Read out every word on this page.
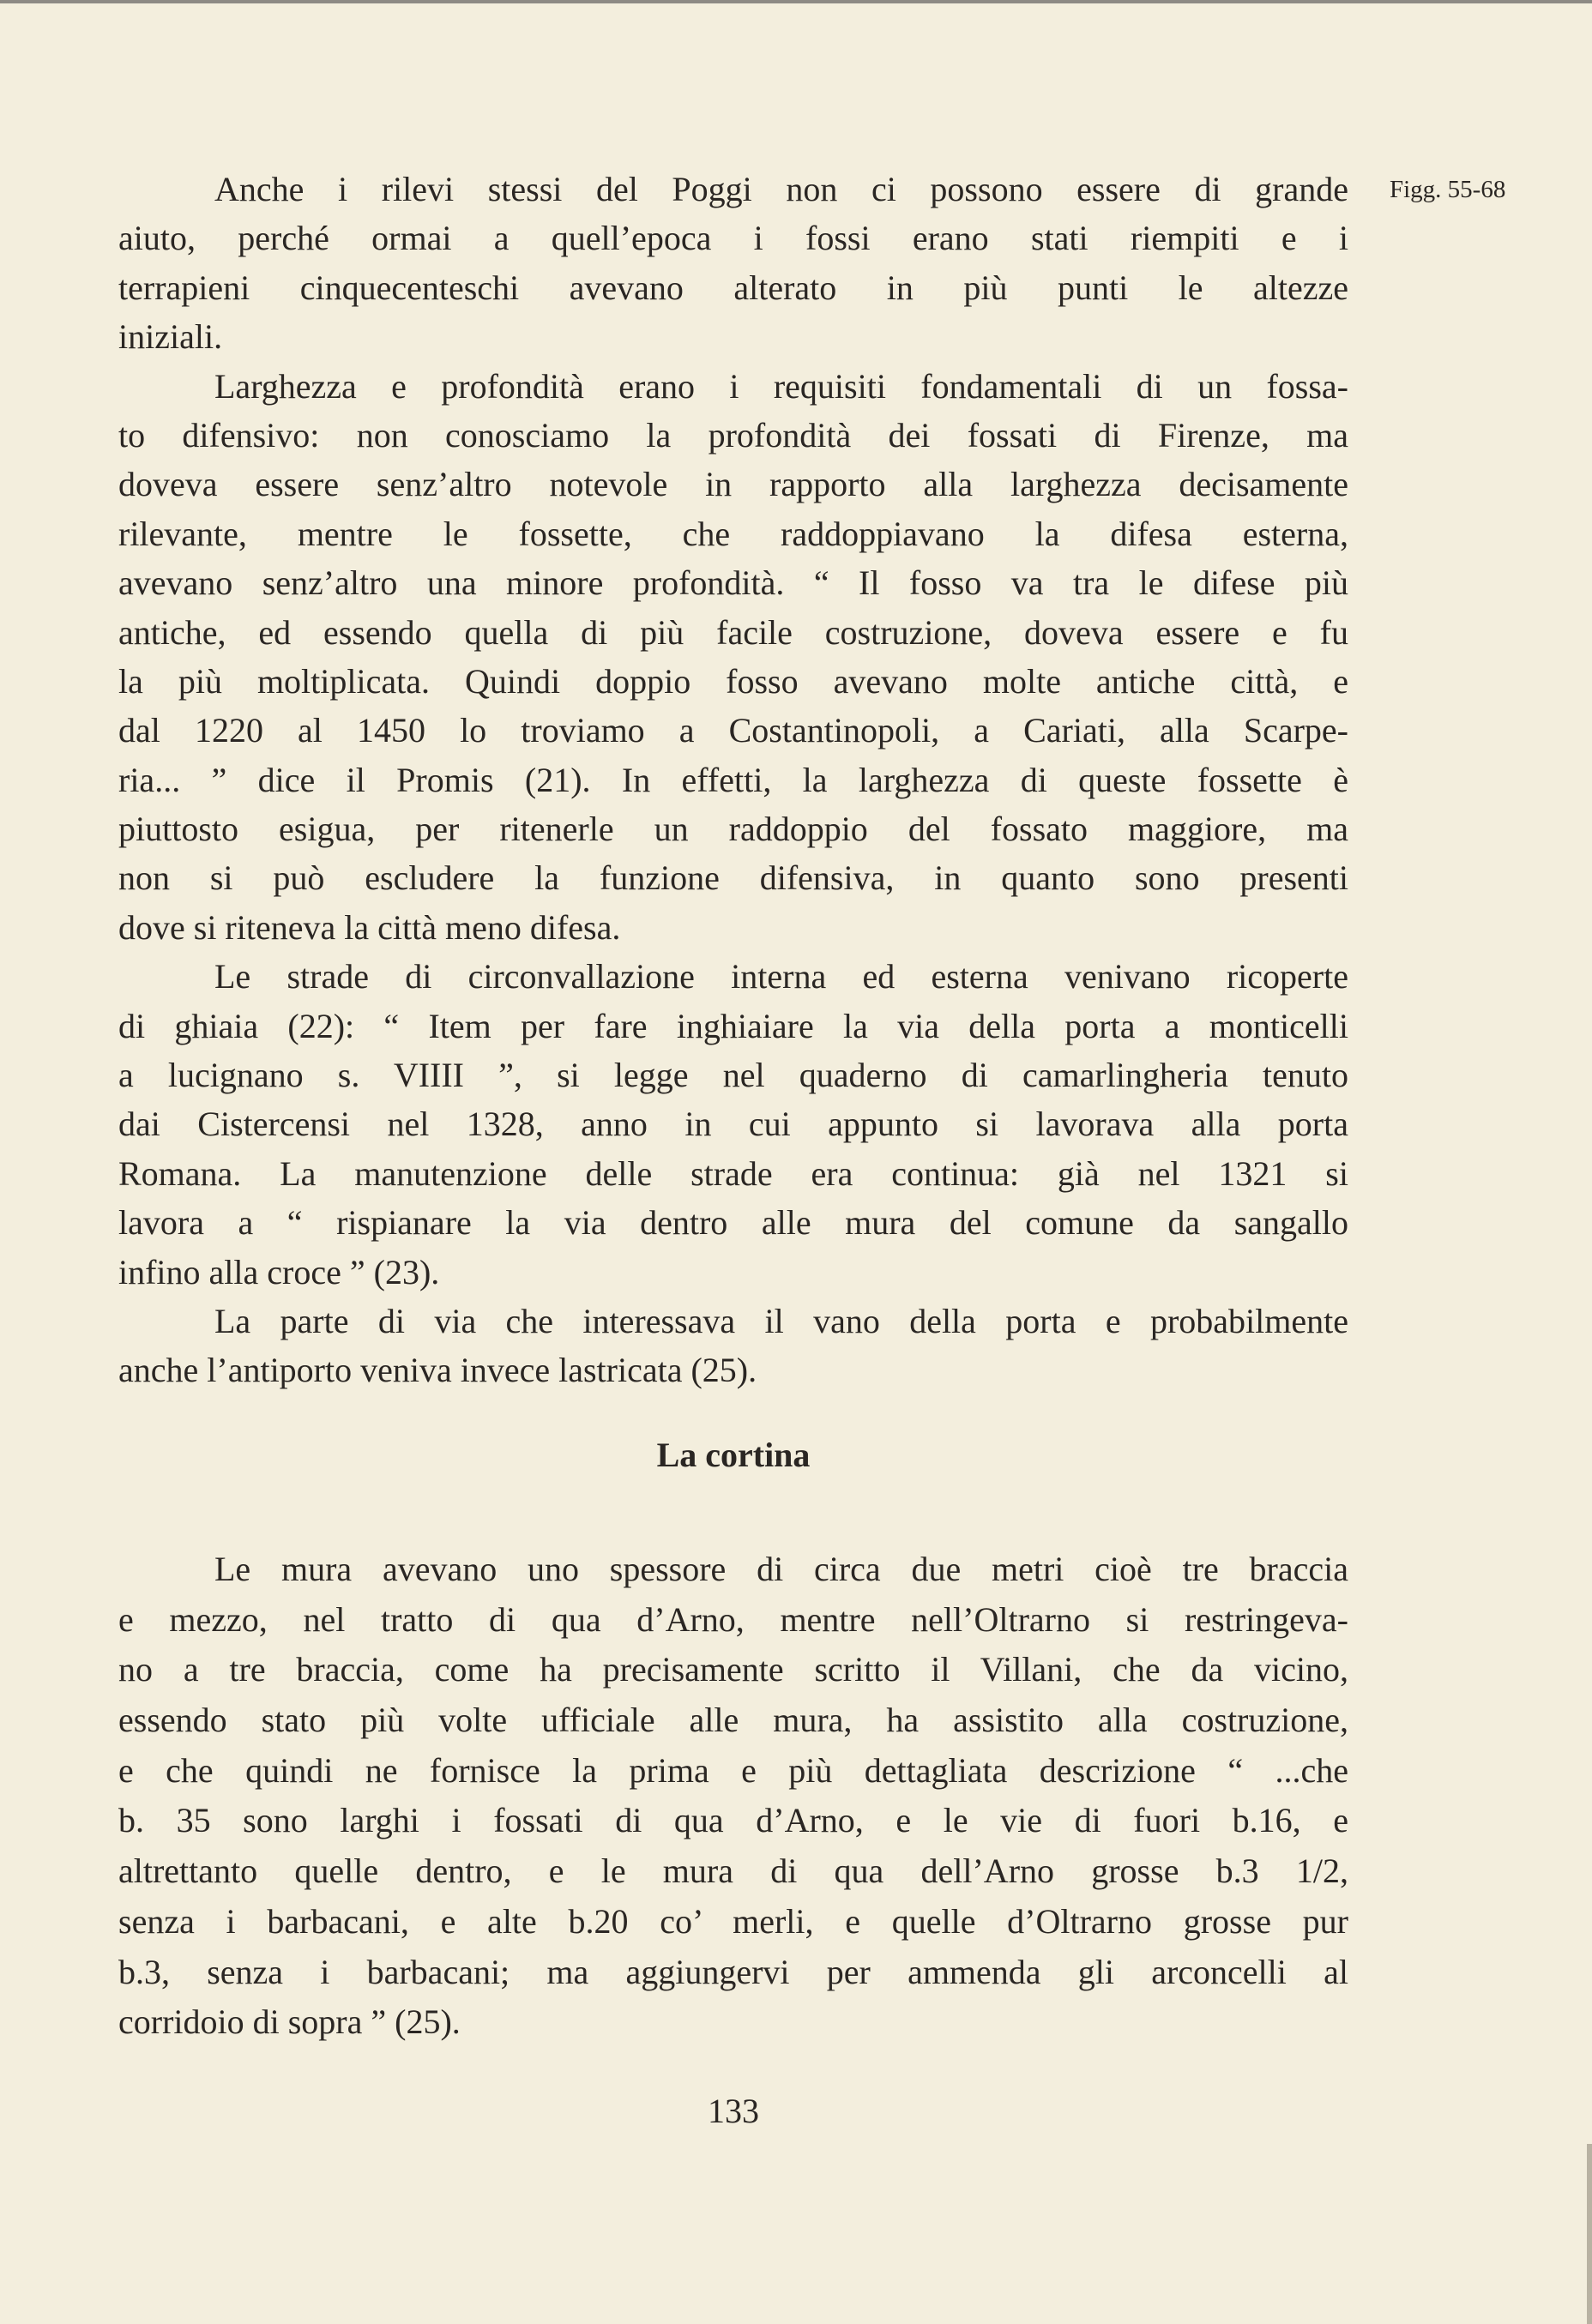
Figg. 55-68
Anche i rilevi stessi del Poggi non ci possono essere di grande
aiuto, perché ormai a quell’epoca i fossi erano stati riempiti e i
terrapieni cinquecenteschi avevano alterato in più punti le altezze
iniziali.
Larghezza e profondità erano i requisiti fondamentali di un fossa-
to difensivo: non conosciamo la profondità dei fossati di Firenze, ma
doveva essere senz’altro notevole in rapporto alla larghezza decisamente
rilevante, mentre le fossette, che raddoppiavano la difesa esterna,
avevano senz’altro una minore profondità. “ Il fosso va tra le difese più
antiche, ed essendo quella di più facile costruzione, doveva essere e fu
la più moltiplicata. Quindi doppio fosso avevano molte antiche città, e
dal 1220 al 1450 lo troviamo a Costantinopoli, a Cariati, alla Scarpe-
ria... ” dice il Promis (21). In effetti, la larghezza di queste fossette è
piuttosto esigua, per ritenerle un raddoppio del fossato maggiore, ma
non si può escludere la funzione difensiva, in quanto sono presenti
dove si riteneva la città meno difesa.
Le strade di circonvallazione interna ed esterna venivano ricoperte
di ghiaia (22): “ Item per fare inghiaiare la via della porta a monticelli
a lucignano s. VIIII ”, si legge nel quaderno di camarlingheria tenuto
dai Cistercensi nel 1328, anno in cui appunto si lavorava alla porta
Romana. La manutenzione delle strade era continua: già nel 1321 si
lavora a “ rispianare la via dentro alle mura del comune da sangallo
infino alla croce ” (23).
La parte di via che interessava il vano della porta e probabilmente
anche l’antiporto veniva invece lastricata (25).
La cortina
Le mura avevano uno spessore di circa due metri cioè tre braccia
e mezzo, nel tratto di qua d’Arno, mentre nell’Oltrarno si restringeva-
no a tre braccia, come ha precisamente scritto il Villani, che da vicino,
essendo stato più volte ufficiale alle mura, ha assistito alla costruzione,
e che quindi ne fornisce la prima e più dettagliata descrizione “ ...che
b. 35 sono larghi i fossati di qua d’Arno, e le vie di fuori b.16, e
altrettanto quelle dentro, e le mura di qua dell’Arno grosse b.3 1/2,
senza i barbacani, e alte b.20 co’ merli, e quelle d’Oltrarno grosse pur
b.3, senza i barbacani; ma aggiungervi per ammenda gli arconcelli al
corridoio di sopra ” (25).
133
